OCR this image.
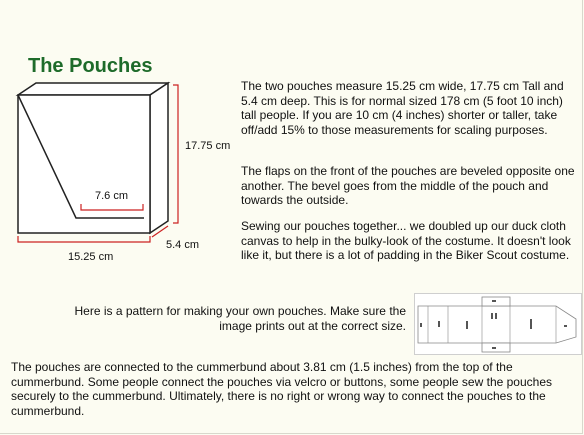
The Pouches
17.75 cm
7.6 cm
5.4 cm
15.25 cm

The two pouches measure 15.25 cm wide, 17.75 cm Tall and 5.4 cm deep. This is for normal sized 178 cm (5 foot 10 inch) tall people. If you are 10 cm (4 inches) shorter or taller, take off/add 15% to those measurements for scaling purposes.

The flaps on the front of the pouches are beveled opposite one another. The bevel goes from the middle of the pouch and towards the outside.

Sewing our pouches together... we doubled up our duck cloth canvas to help in the bulky-look of the costume. It doesn't look like it, but there is a lot of padding in the Biker Scout costume.

Here is a pattern for making your own pouches. Make sure the image prints out at the correct size.

The pouches are connected to the cummerbund about 3.81 cm (1.5 inches) from the top of the cummerbund. Some people connect the pouches via velcro or buttons, some people sew the pouches securely to the cummerbund. Ultimately, there is no right or wrong way to connect the pouches to the cummerbund.
